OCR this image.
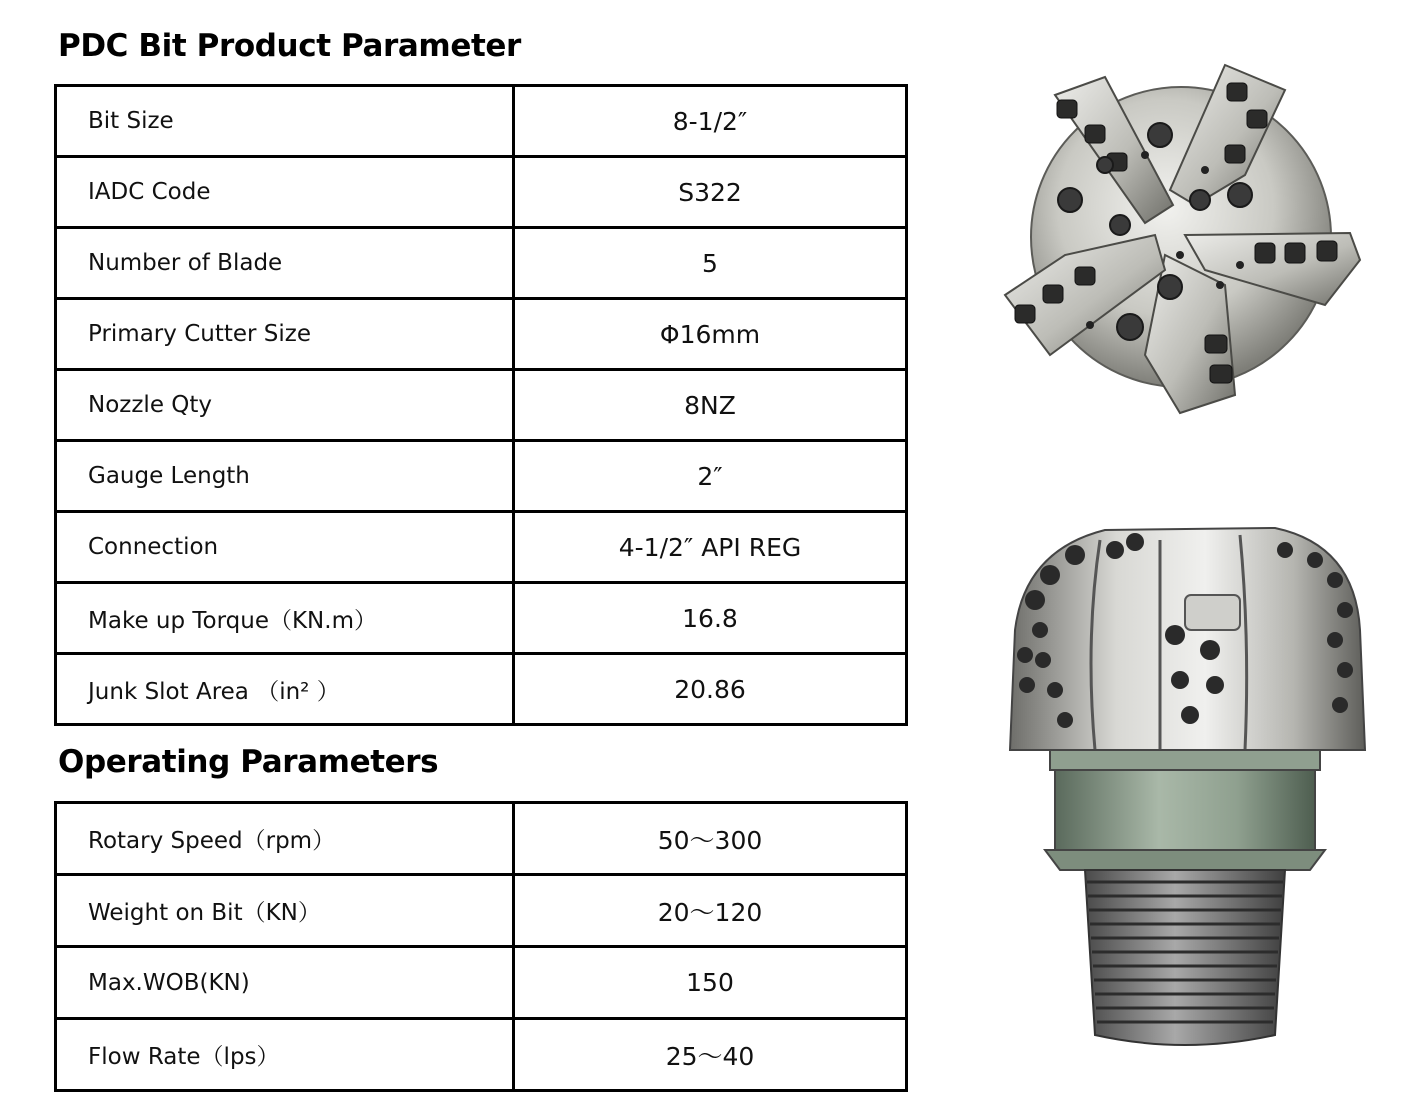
PDC Bit Product Parameter
Bit Size	8-1/2″
IADC Code	S322
Number of Blade	5
Primary Cutter Size	Φ16mm
Nozzle Qty	8NZ
Gauge Length	2″
Connection	4-1/2″ API REG
Make up Torque（KN.m）	16.8
Junk Slot Area （in² ）	20.86
Operating Parameters
Rotary Speed（rpm）	50～300
Weight on Bit（KN）	20～120
Max.WOB(KN)	150
Flow Rate（lps）	25～40
